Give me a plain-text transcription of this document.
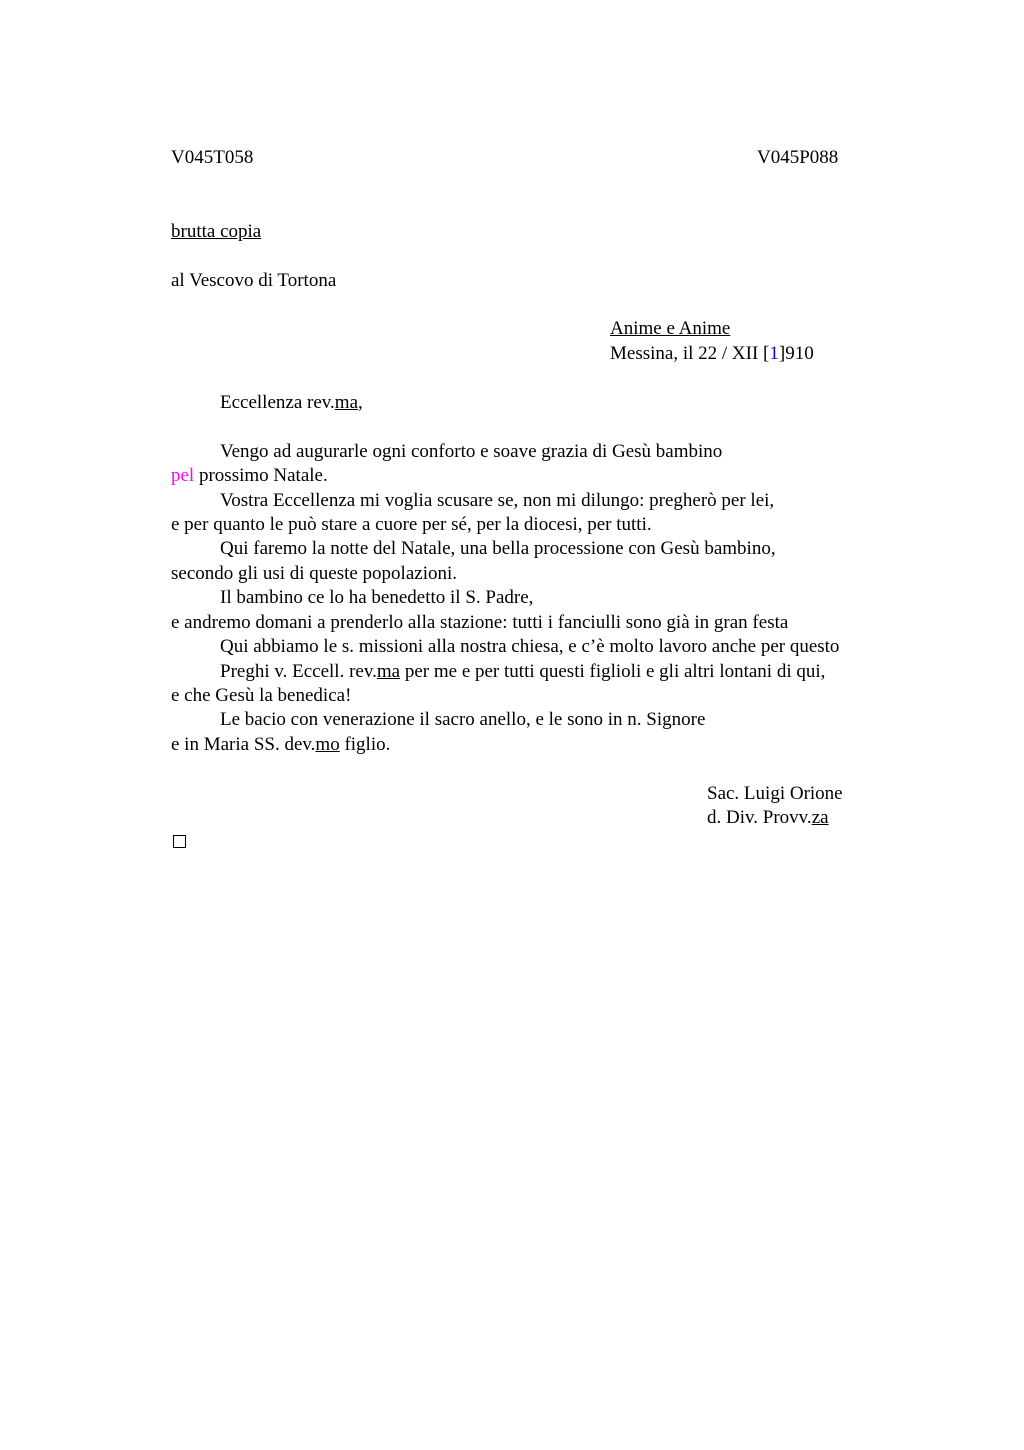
V045T058	V045P088
brutta copia
al Vescovo di Tortona
Anime e Anime
Messina, il 22 / XII [1]910
Eccellenza rev.ma,
Vengo ad augurarle ogni conforto e soave grazia di Gesù bambino
pel prossimo Natale.
Vostra Eccellenza mi voglia scusare se, non mi dilungo: pregherò per lei,
e per quanto le può stare a cuore per sé, per la diocesi, per tutti.
Qui faremo la notte del Natale, una bella processione con Gesù bambino,
secondo gli usi di queste popolazioni.
Il bambino ce lo ha benedetto il S. Padre,
e andremo domani a prenderlo alla stazione: tutti i fanciulli sono già in gran festa
Qui abbiamo le s. missioni alla nostra chiesa, e c’è molto lavoro anche per questo
Preghi v. Eccell. rev.ma per me e per tutti questi figlioli e gli altri lontani di qui,
e che Gesù la benedica!
Le bacio con venerazione il sacro anello, e le sono in n. Signore
e in Maria SS. dev.mo figlio.
Sac. Luigi Orione
d. Div. Provv.za
